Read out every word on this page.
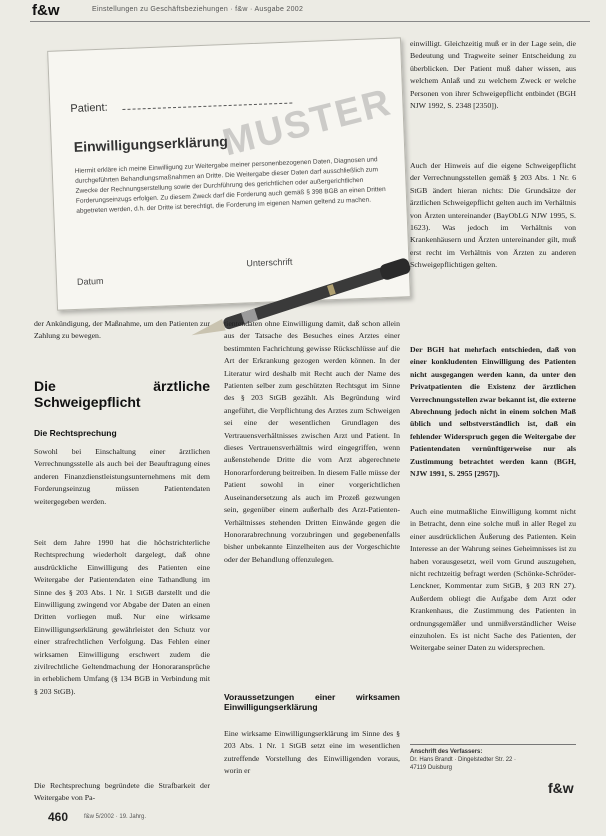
f&w	Einstellungen zu Geschäftsbeziehungen · f&w · Ausgabe 2002
Patient:	MUSTER
Einwilligungserklärung
Hiermit erkläre ich meine Einwilligung zur Weitergabe meiner personenbezogenen Daten, Diagnosen und durchgeführten Behandlungsmaßnahmen an Dritte. Die Weitergabe dieser Daten darf ausschließlich zum Zwecke der Rechnungserstellung sowie der Durchführung des gerichtlichen oder außergerichtlichen Forderungseinzugs erfolgen. Zu diesem Zweck darf die Forderung auch gemäß § 398 BGB an einen Dritten abgetreten werden, d.h. der Dritte ist berechtigt, die Forderung im eigenen Namen geltend zu machen.
Datum
Unterschrift
der Ankündigung, der Maßnahme, um den Patienten zur Zahlung zu bewegen.
Die ärztliche Schweigepflicht
Die Rechtsprechung
Sowohl bei Einschaltung einer ärztlichen Verrechnungsstelle als auch bei der Beauftragung eines anderen Finanzdienstleistungsunternehmens mit dem Forderungseinzug müssen Patientendaten weitergegeben werden.
Seit dem Jahre 1990 hat die höchstrichterliche Rechtsprechung wiederholt dargelegt, daß ohne ausdrückliche Einwilligung des Patienten eine Weitergabe der Patientendaten eine Tathandlung im Sinne des § 203 Abs. 1 Nr. 1 StGB darstellt und die Einwilligung zwingend vor Abgabe der Daten an einen Dritten vorliegen muß. Nur eine wirksame Einwilligungserklärung gewährleistet den Schutz vor einer strafrechtlichen Verfolgung. Das Fehlen einer wirksamen Einwilligung erschwert zudem die zivilrechtliche Geltendmachung der Honoraransprüche in erheblichem Umfang (§ 134 BGB in Verbindung mit § 203 StGB).
Die Rechtsprechung begründete die Strafbarkeit der Weitergabe von Pa-
tientendaten ohne Einwilligung damit, daß schon allein aus der Tatsache des Besuches eines Arztes einer bestimmten Fachrichtung gewisse Rückschlüsse auf die Art der Erkrankung gezogen werden können. In der Literatur wird deshalb mit Recht auch der Name des Patienten selber zum geschützten Rechtsgut im Sinne des § 203 StGB gezählt. Als Begründung wird angeführt, die Verpflichtung des Arztes zum Schweigen sei eine der wesentlichen Grundlagen des Vertrauensverhältnisses zwischen Arzt und Patient. In dieses Vertrauensverhältnis wird eingegriffen, wenn außenstehende Dritte die vom Arzt abgerechnete Honorarforderung beitreiben. In diesem Falle müsse der Patient sowohl in einer vorgerichtlichen Auseinandersetzung als auch im Prozeß gezwungen sein, gegenüber einem außerhalb des Arzt-Patienten-Verhältnisses stehenden Dritten Einwände gegen die Honorarabrechnung vorzubringen und gegebenenfalls bisher unbekannte Einzelheiten aus der Vorgeschichte oder der Behandlung offenzulegen.
Voraussetzungen einer wirksamen Einwilligungserklärung
Eine wirksame Einwilligungserklärung im Sinne des § 203 Abs. 1 Nr. 1 StGB setzt eine im wesentlichen zutreffende Vorstellung des Einwilligenden voraus, worin er
einwilligt. Gleichzeitig muß er in der Lage sein, die Bedeutung und Tragweite seiner Entscheidung zu überblicken. Der Patient muß daher wissen, aus welchem Anlaß und zu welchem Zweck er welche Personen von ihrer Schweigepflicht entbindet (BGH NJW 1992, S. 2348 [2350]).
Auch der Hinweis auf die eigene Schweigepflicht der Verrechnungsstellen gemäß § 203 Abs. 1 Nr. 6 StGB ändert hieran nichts: Die Grundsätze der ärztlichen Schweigepflicht gelten auch im Verhältnis von Ärzten untereinander (BayObLG NJW 1995, S. 1623). Was jedoch im Verhältnis von Krankenhäusern und Ärzten untereinander gilt, muß erst recht im Verhältnis von Ärzten zu anderen Schweigepflichtigen gelten.
Der BGH hat mehrfach entschieden, daß von einer konkludenten Einwilligung des Patienten nicht ausgegangen werden kann, da unter den Privatpatienten die Existenz der ärztlichen Verrechnungsstellen zwar bekannt ist, die externe Abrechnung jedoch nicht in einem solchen Maß üblich und selbstverständlich ist, daß ein fehlender Widerspruch gegen die Weitergabe der Patientendaten vernünftigerweise nur als Zustimmung betrachtet werden kann (BGH, NJW 1991, S. 2955 [2957]).
Auch eine mutmaßliche Einwilligung kommt nicht in Betracht, denn eine solche muß in aller Regel zu einer ausdrücklichen Äußerung des Patienten. Kein Interesse an der Wahrung seines Geheimnisses ist zu haben vorausgesetzt, weil vom Grund auszugehen, nicht rechtzeitig befragt werden (Schönke-Schröder-Lenckner, Kommentar zum StGB, § 203 RN 27). Außerdem obliegt die Aufgabe dem Arzt oder Krankenhaus, die Zustimmung des Patienten in ordnungsgemäßer und unmißverständlicher Weise einzuholen. Es ist nicht Sache des Patienten, der Weitergabe seiner Daten zu widersprechen.
Anschrift des Verfassers:
Dr. Hans Brandt · Dingelstedter Str. 22 · 47119 Duisburg
f&w
460	f&w 5/2002 · 19. Jahrg.
